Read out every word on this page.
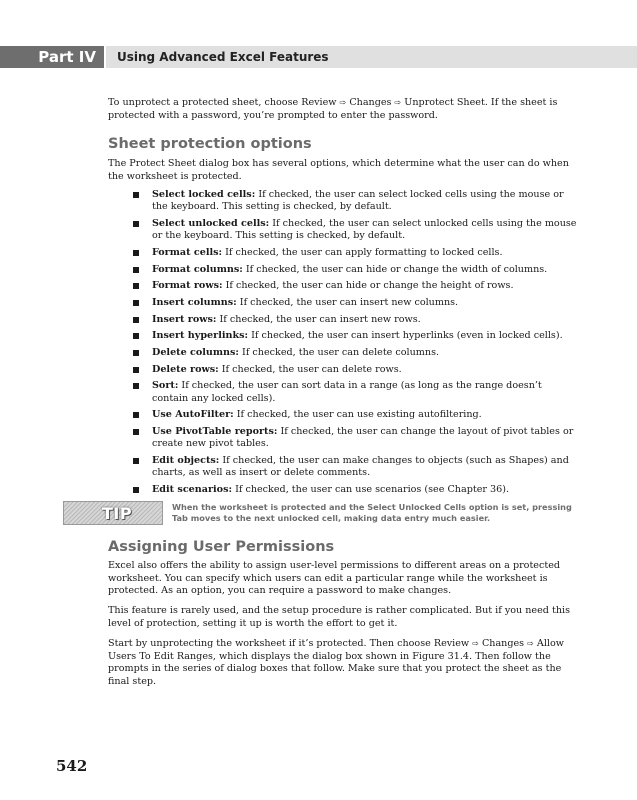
Part IV	Using Advanced Excel Features

To unprotect a protected sheet, choose Review ⇨ Changes ⇨ Unprotect Sheet. If the sheet is protected with a password, you’re prompted to enter the password.

Sheet protection options

The Protect Sheet dialog box has several options, which determine what the user can do when the worksheet is protected.

Select locked cells: If checked, the user can select locked cells using the mouse or the keyboard. This setting is checked, by default.
Select unlocked cells: If checked, the user can select unlocked cells using the mouse or the keyboard. This setting is checked, by default.
Format cells: If checked, the user can apply formatting to locked cells.
Format columns: If checked, the user can hide or change the width of columns.
Format rows: If checked, the user can hide or change the height of rows.
Insert columns: If checked, the user can insert new columns.
Insert rows: If checked, the user can insert new rows.
Insert hyperlinks: If checked, the user can insert hyperlinks (even in locked cells).
Delete columns: If checked, the user can delete columns.
Delete rows: If checked, the user can delete rows.
Sort: If checked, the user can sort data in a range (as long as the range doesn’t contain any locked cells).
Use AutoFilter: If checked, the user can use existing autofiltering.
Use PivotTable reports: If checked, the user can change the layout of pivot tables or create new pivot tables.
Edit objects: If checked, the user can make changes to objects (such as Shapes) and charts, as well as insert or delete comments.
Edit scenarios: If checked, the user can use scenarios (see Chapter 36).
TIP	When the worksheet is protected and the Select Unlocked Cells option is set, pressing Tab moves to the next unlocked cell, making data entry much easier.

Assigning User Permissions

Excel also offers the ability to assign user-level permissions to different areas on a protected worksheet. You can specify which users can edit a particular range while the worksheet is protected. As an option, you can require a password to make changes.

This feature is rarely used, and the setup procedure is rather complicated. But if you need this level of protection, setting it up is worth the effort to get it.

Start by unprotecting the worksheet if it’s protected. Then choose Review ⇨ Changes ⇨ Allow Users To Edit Ranges, which displays the dialog box shown in Figure 31.4. Then follow the prompts in the series of dialog boxes that follow. Make sure that you protect the sheet as the final step.

542
